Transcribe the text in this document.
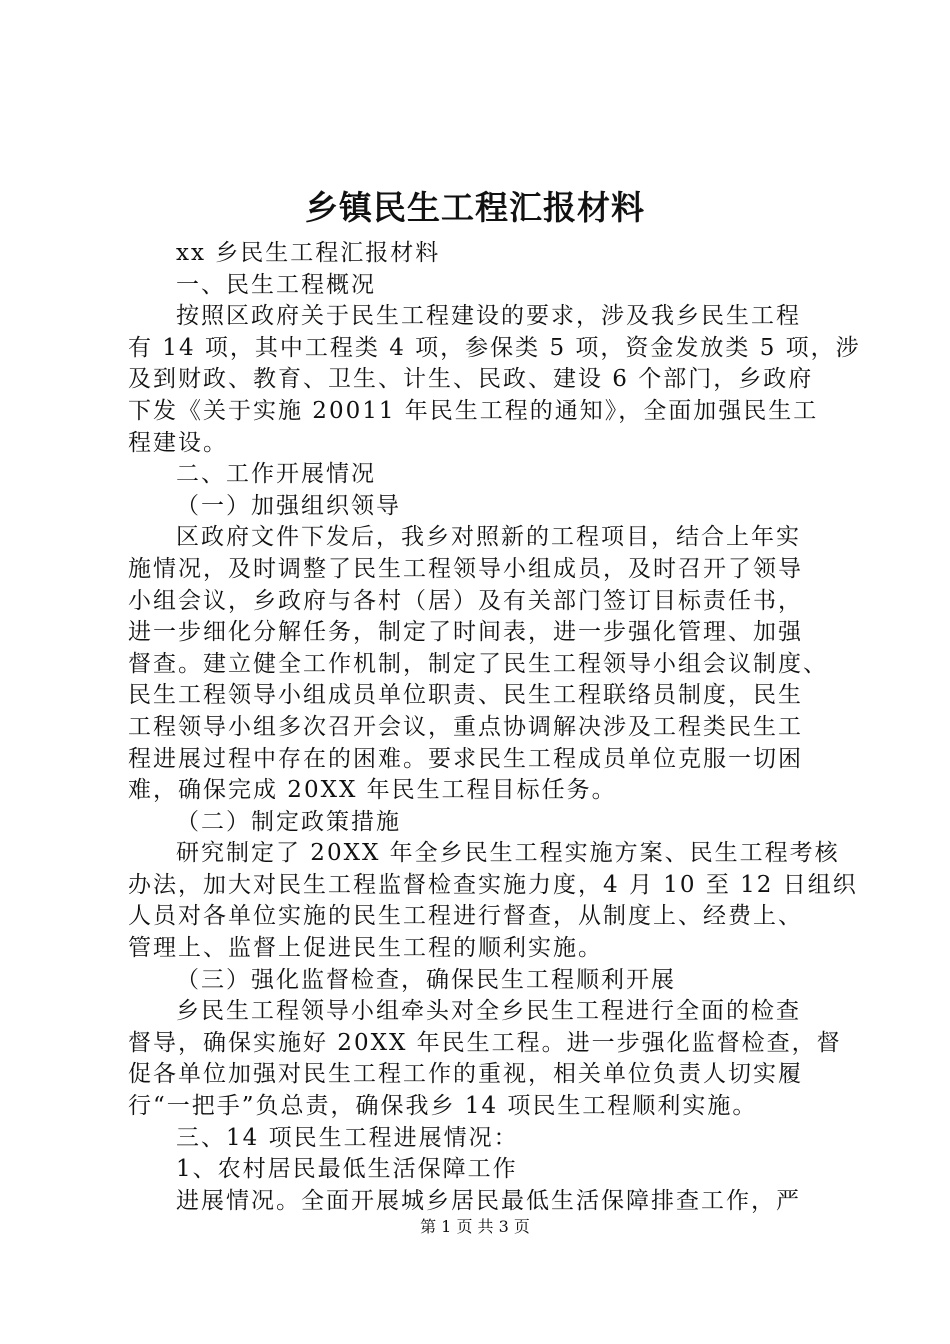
乡镇民生工程汇报材料
xx 乡民生工程汇报材料
一、民生工程概况
按照区政府关于民生工程建设的要求，涉及我乡民生工程
有 14 项，其中工程类 4 项，参保类 5 项，资金发放类 5 项，涉
及到财政、教育、卫生、计生、民政、建设 6 个部门，乡政府
下发《关于实施 20011 年民生工程的通知》，全面加强民生工
程建设。
二、工作开展情况
（一）加强组织领导
区政府文件下发后，我乡对照新的工程项目，结合上年实
施情况，及时调整了民生工程领导小组成员，及时召开了领导
小组会议，乡政府与各村（居）及有关部门签订目标责任书，
进一步细化分解任务，制定了时间表，进一步强化管理、加强
督查。建立健全工作机制，制定了民生工程领导小组会议制度、
民生工程领导小组成员单位职责、民生工程联络员制度，民生
工程领导小组多次召开会议，重点协调解决涉及工程类民生工
程进展过程中存在的困难。要求民生工程成员单位克服一切困
难，确保完成 20XX 年民生工程目标任务。
（二）制定政策措施
研究制定了 20XX 年全乡民生工程实施方案、民生工程考核
办法，加大对民生工程监督检查实施力度，4 月 10 至 12 日组织
人员对各单位实施的民生工程进行督查，从制度上、经费上、
管理上、监督上促进民生工程的顺利实施。
（三）强化监督检查，确保民生工程顺利开展
乡民生工程领导小组牵头对全乡民生工程进行全面的检查
督导，确保实施好 20XX 年民生工程。进一步强化监督检查，督
促各单位加强对民生工程工作的重视，相关单位负责人切实履
行“一把手”负总责，确保我乡 14 项民生工程顺利实施。
三、14 项民生工程进展情况：
1、农村居民最低生活保障工作
进展情况。全面开展城乡居民最低生活保障排查工作，严
第 1 页 共 3 页
